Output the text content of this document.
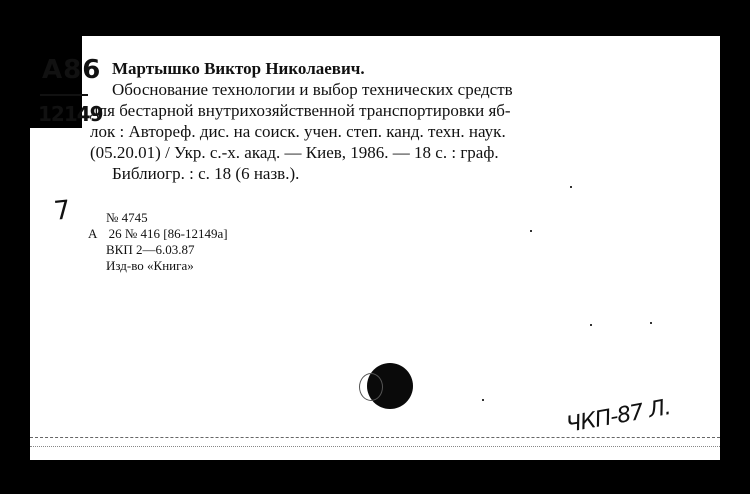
А86
12149
Мартышко Виктор Николаевич.
Обоснование технологии и выбор технических средств
для бестарной внутрихозяйственной транспортировки яб-
лок : Автореф. дис. на соиск. учен. степ. канд. техн. наук.
(05.20.01) / Укр. с.-х. акад. — Киев, 1986. — 18 с. : граф.
Библиогр. : с. 18 (6 назв.).
7	№ 4745
А 26 № 416 [86-12149а]
ВКП 2—6.03.87
Изд-во «Книга»
ЧКП-87 Л.
